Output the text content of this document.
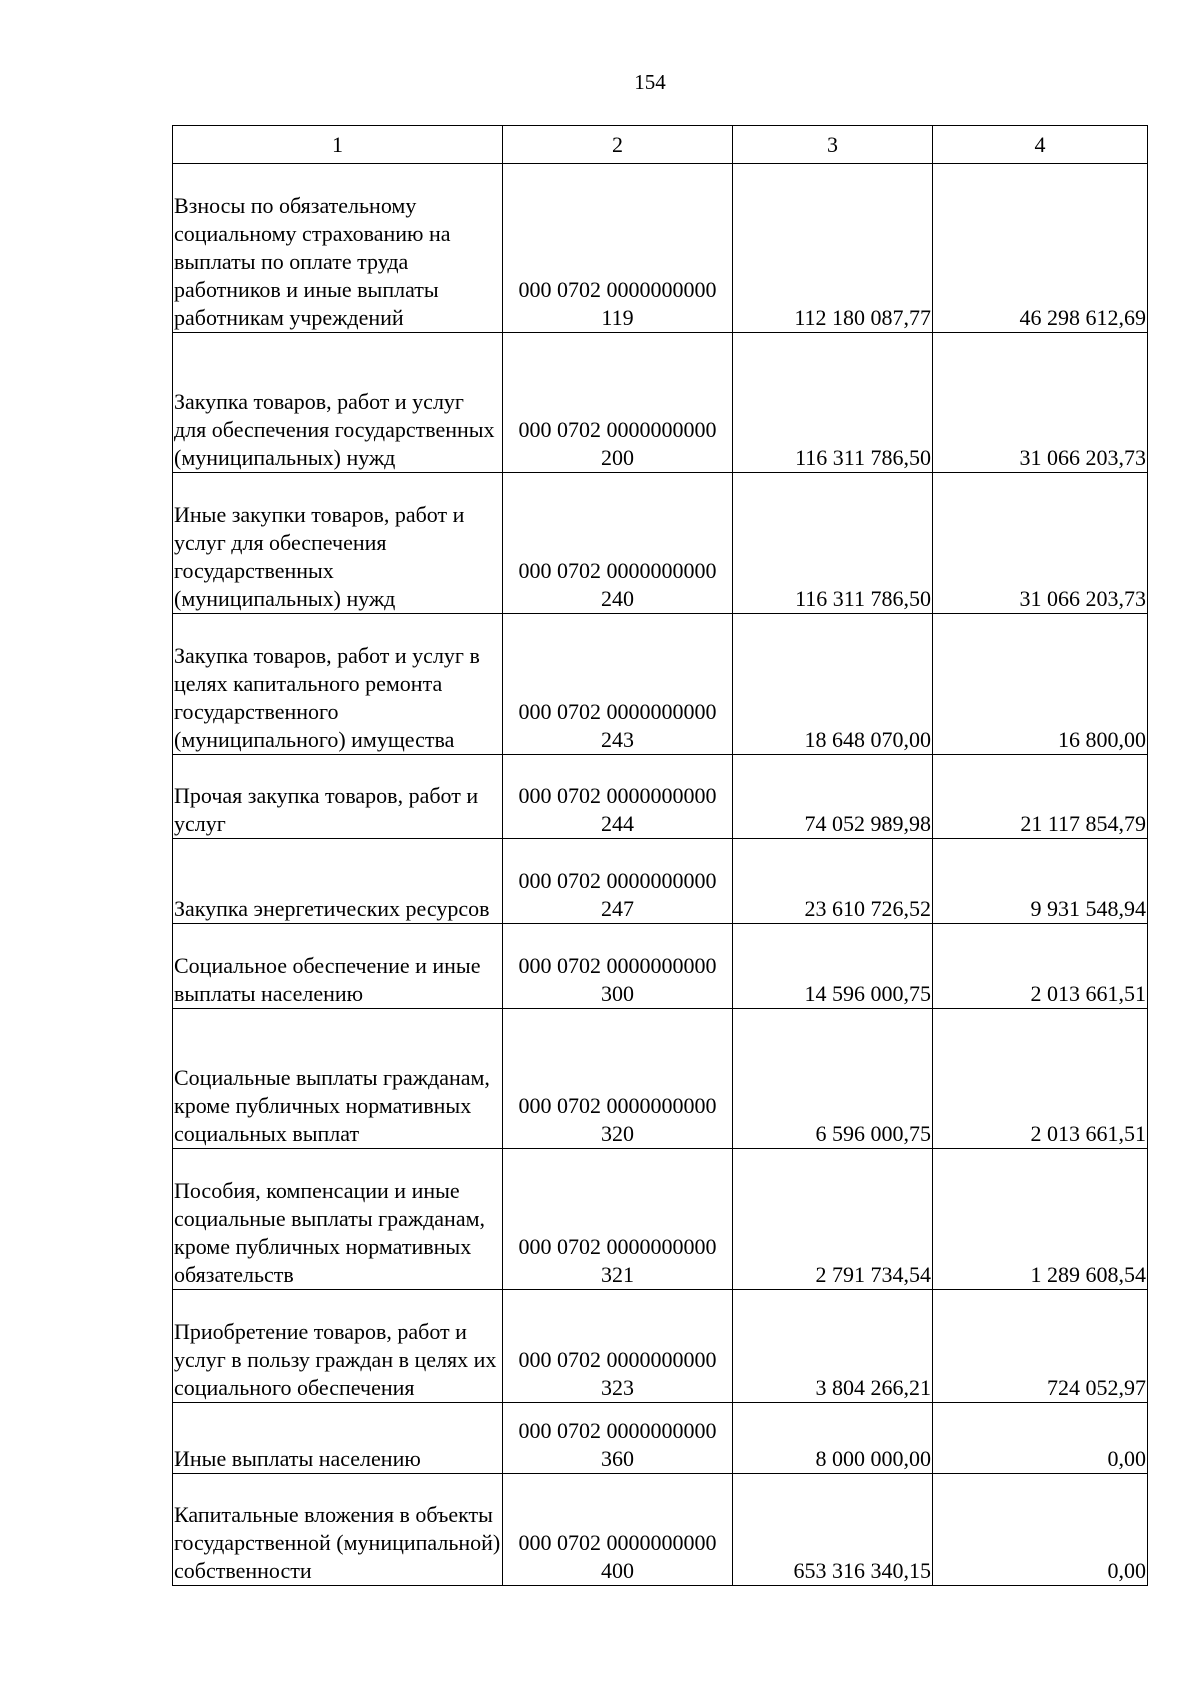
154
1	2	3	4
Взносы по обязательному социальному страхованию на выплаты по оплате труда работников и иные выплаты работникам учреждений	000 0702 0000000000 119	112 180 087,77	46 298 612,69
Закупка товаров, работ и услуг для обеспечения государственных (муниципальных) нужд	000 0702 0000000000 200	116 311 786,50	31 066 203,73
Иные закупки товаров, работ и услуг для обеспечения государственных (муниципальных) нужд	000 0702 0000000000 240	116 311 786,50	31 066 203,73
Закупка товаров, работ и услуг в целях капитального ремонта государственного (муниципального) имущества	000 0702 0000000000 243	18 648 070,00	16 800,00
Прочая закупка товаров, работ и услуг	000 0702 0000000000 244	74 052 989,98	21 117 854,79
Закупка энергетических ресурсов	000 0702 0000000000 247	23 610 726,52	9 931 548,94
Социальное обеспечение и иные выплаты населению	000 0702 0000000000 300	14 596 000,75	2 013 661,51
Социальные выплаты гражданам, кроме публичных нормативных социальных выплат	000 0702 0000000000 320	6 596 000,75	2 013 661,51
Пособия, компенсации и иные социальные выплаты гражданам, кроме публичных нормативных обязательств	000 0702 0000000000 321	2 791 734,54	1 289 608,54
Приобретение товаров, работ и услуг в пользу граждан в целях их социального обеспечения	000 0702 0000000000 323	3 804 266,21	724 052,97
Иные выплаты населению	000 0702 0000000000 360	8 000 000,00	0,00
Капитальные вложения в объекты государственной (муниципальной) собственности	000 0702 0000000000 400	653 316 340,15	0,00
